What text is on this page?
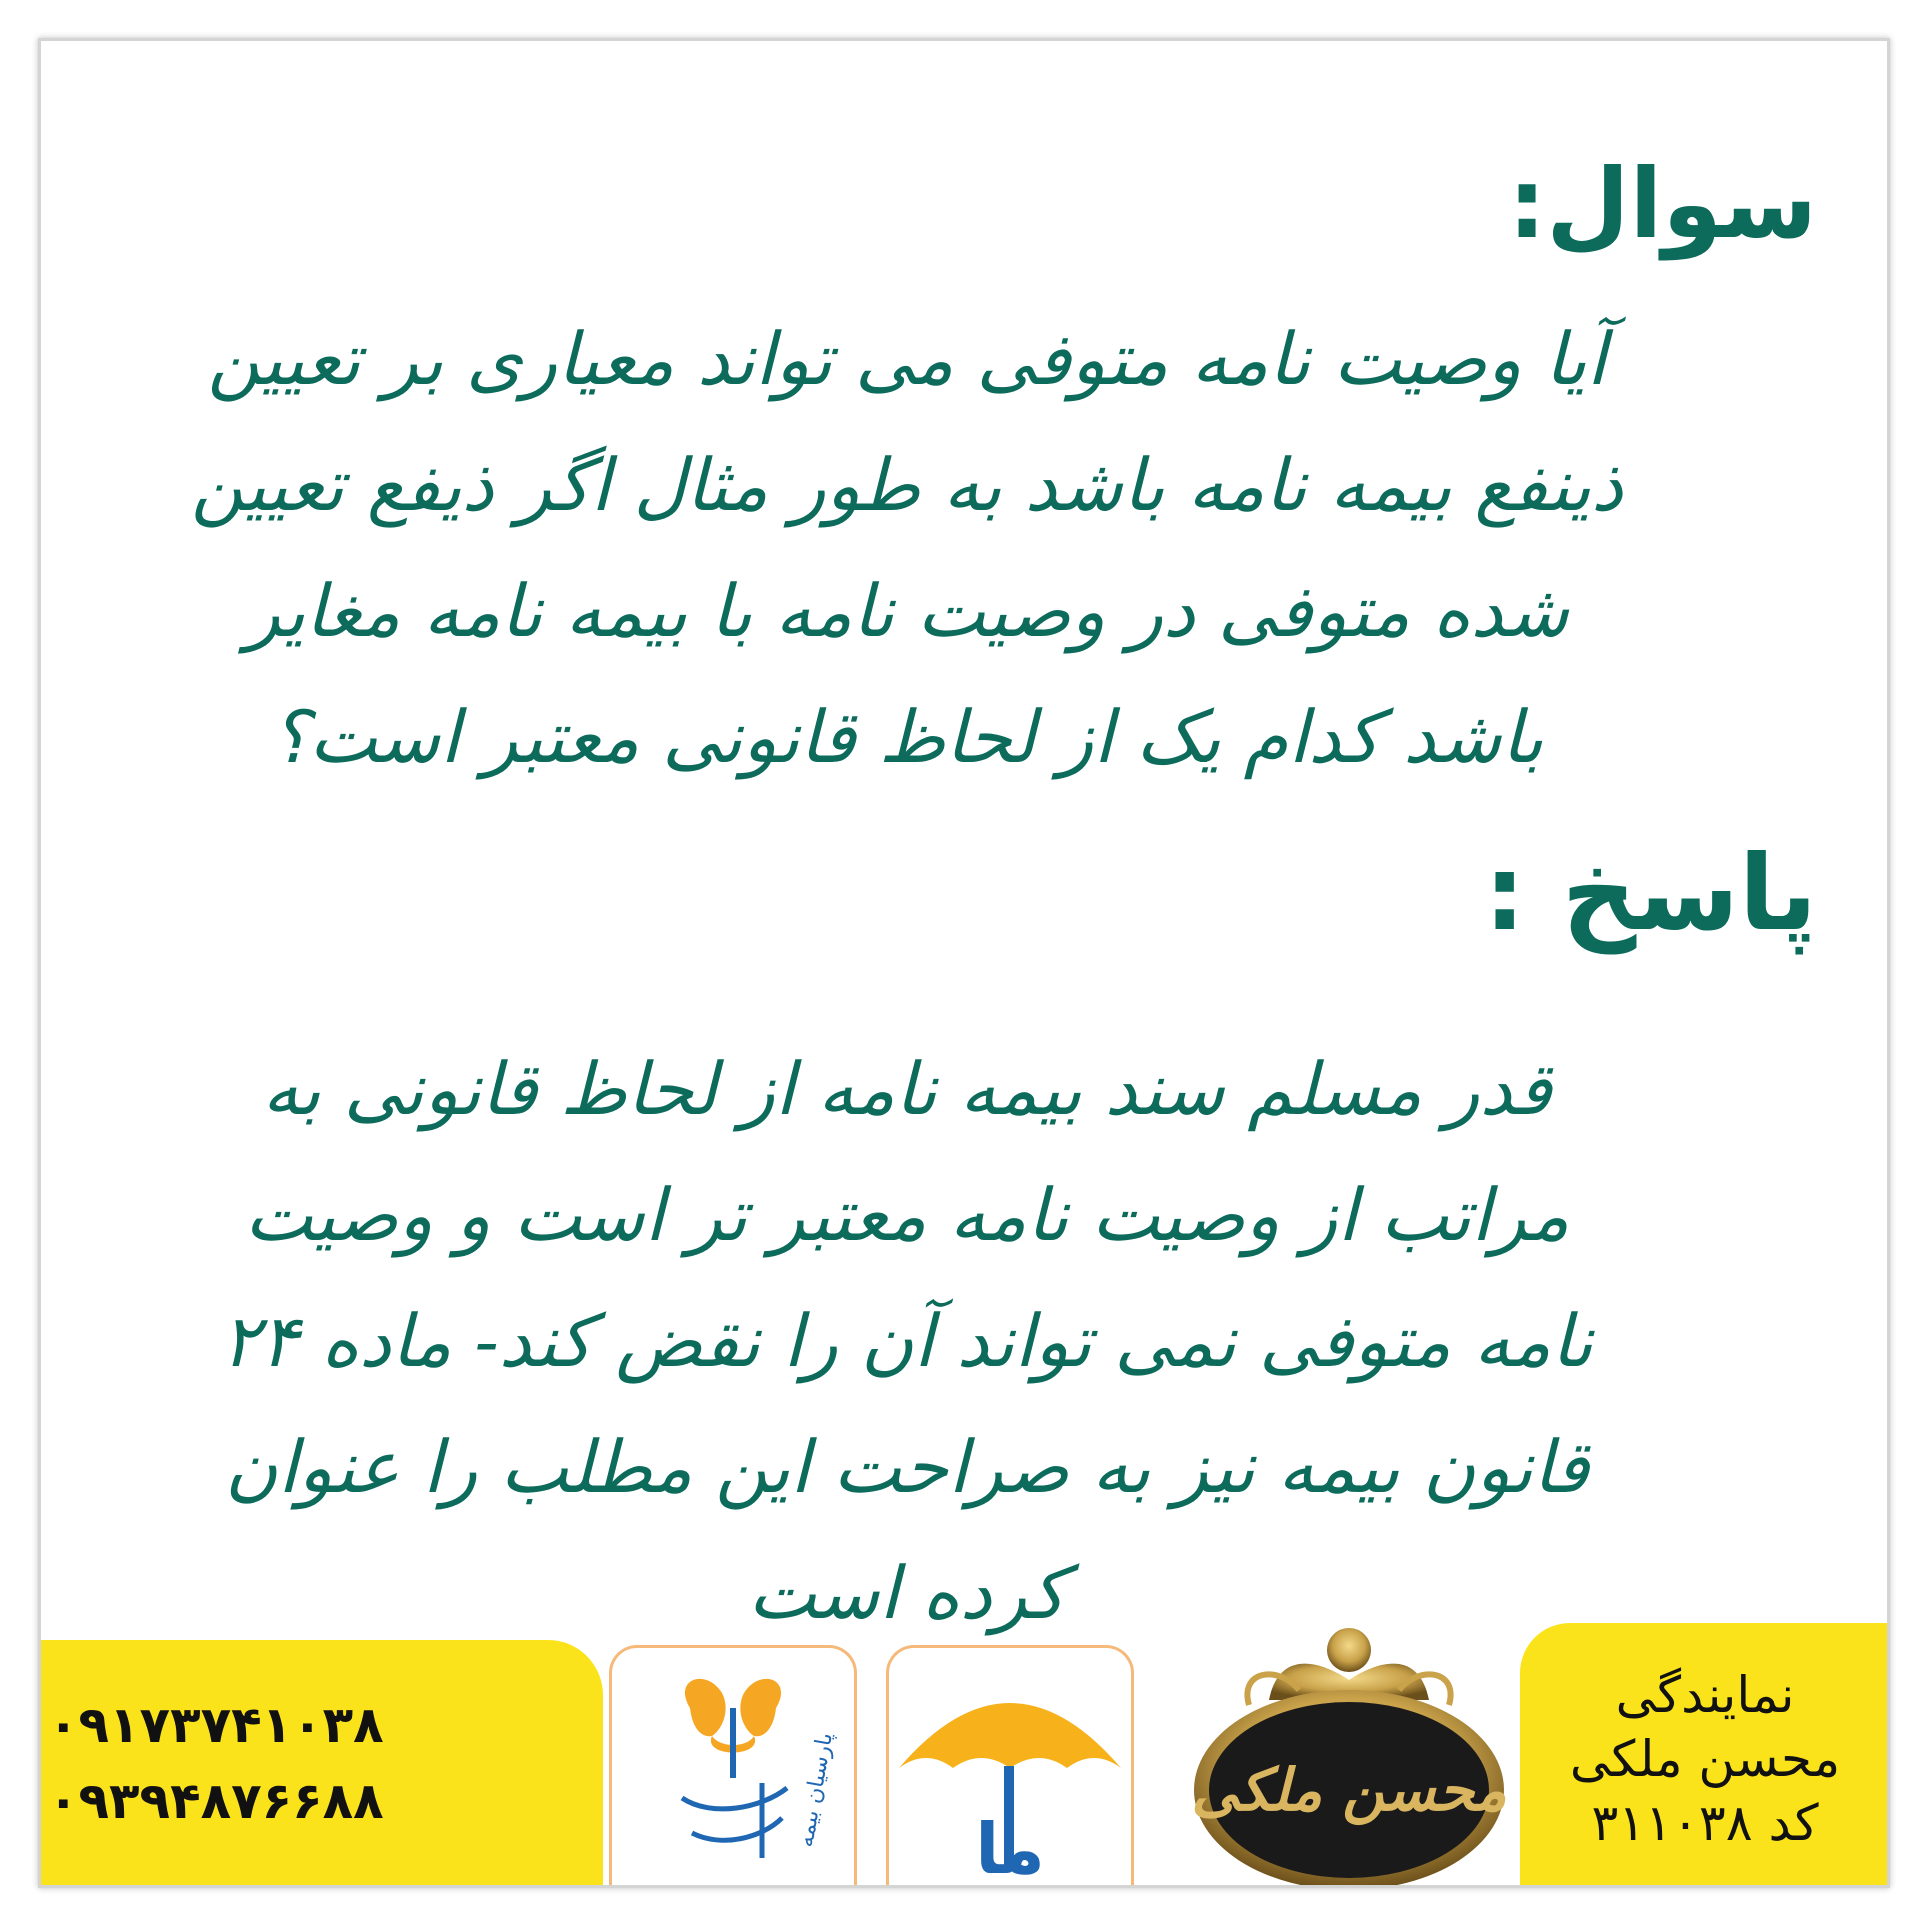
سوال:

آیا وصیت نامه متوفی می تواند معیاری بر تعیین ذینفع بیمه نامه باشد به طور مثال اگر ذیفع تعیین شده متوفی در وصیت نامه با بیمه نامه مغایر باشد کدام یک از لحاظ قانونی معتبر است؟

پاسخ :

قدر مسلم سند بیمه نامه از لحاظ قانونی به مراتب از وصیت نامه معتبر تر است و وصیت نامه متوفی نمی تواند آن را نقض کند- ماده ۲۴ قانون بیمه نیز به صراحت این مطلب را عنوان کرده است

۰۹۱۷۳۷۴۱۰۳۸
۰۹۳۹۴۸۷۶۶۸۸	پارسیان بیمه ما
محسن ملکی
نمایندگی
محسن ملکی
کد ۳۱۱۰۳۸
